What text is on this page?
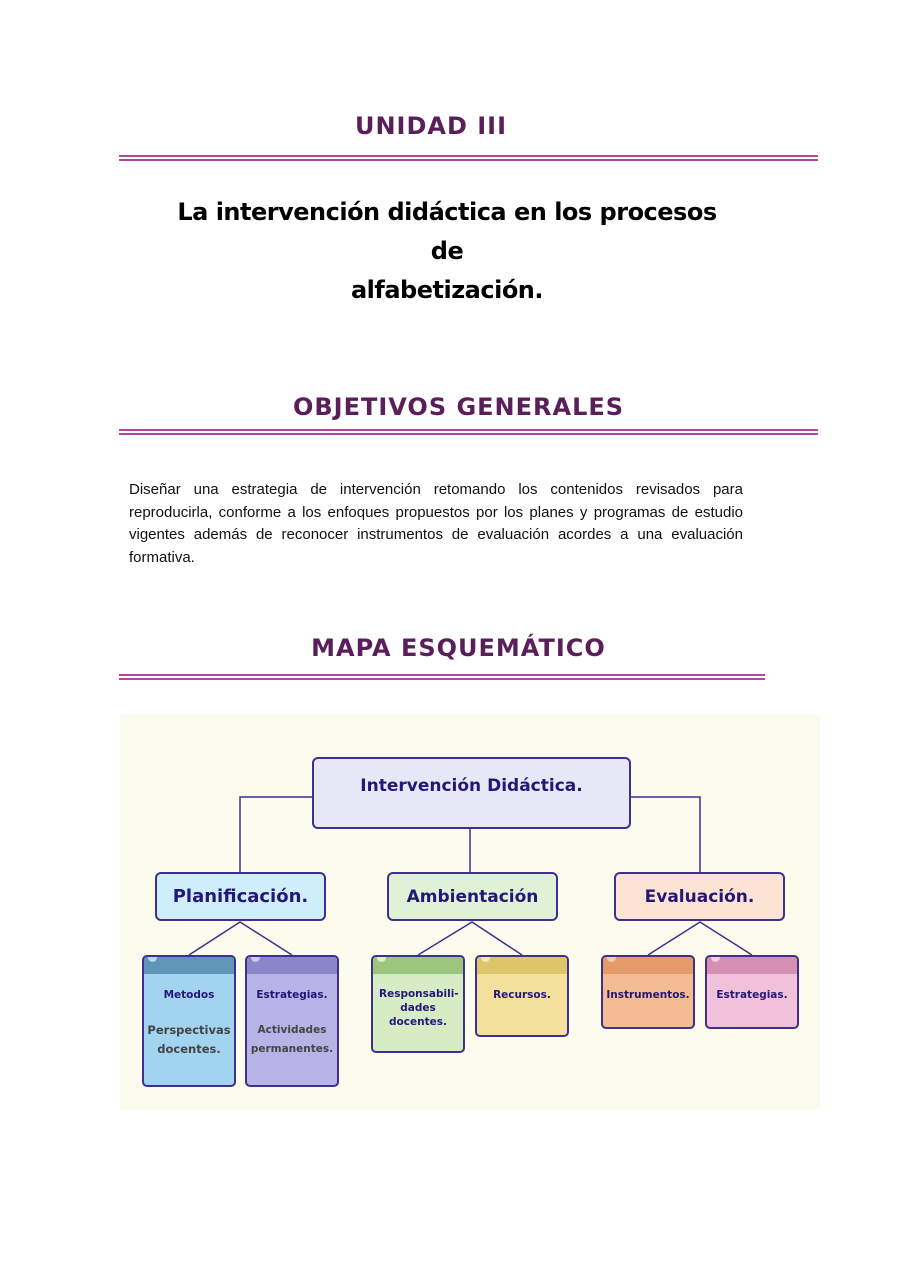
UNIDAD III
La intervención didáctica en los procesos de
alfabetización.
OBJETIVOS GENERALES

Diseñar una estrategia de intervención retomando los contenidos revisados para reproducirla, conforme a los enfoques propuestos por los planes y programas de estudio vigentes además de reconocer instrumentos de evaluación acordes a una evaluación formativa.

MAPA ESQUEMÁTICO
Intervención Didáctica.
Planificación.	Ambientación	Evaluación.
Metodos
Perspectivas docentes.
Estrategias.
Actividades permanentes.
Responsabili-dades docentes.
Recursos.	Instrumentos.	Estrategias.
